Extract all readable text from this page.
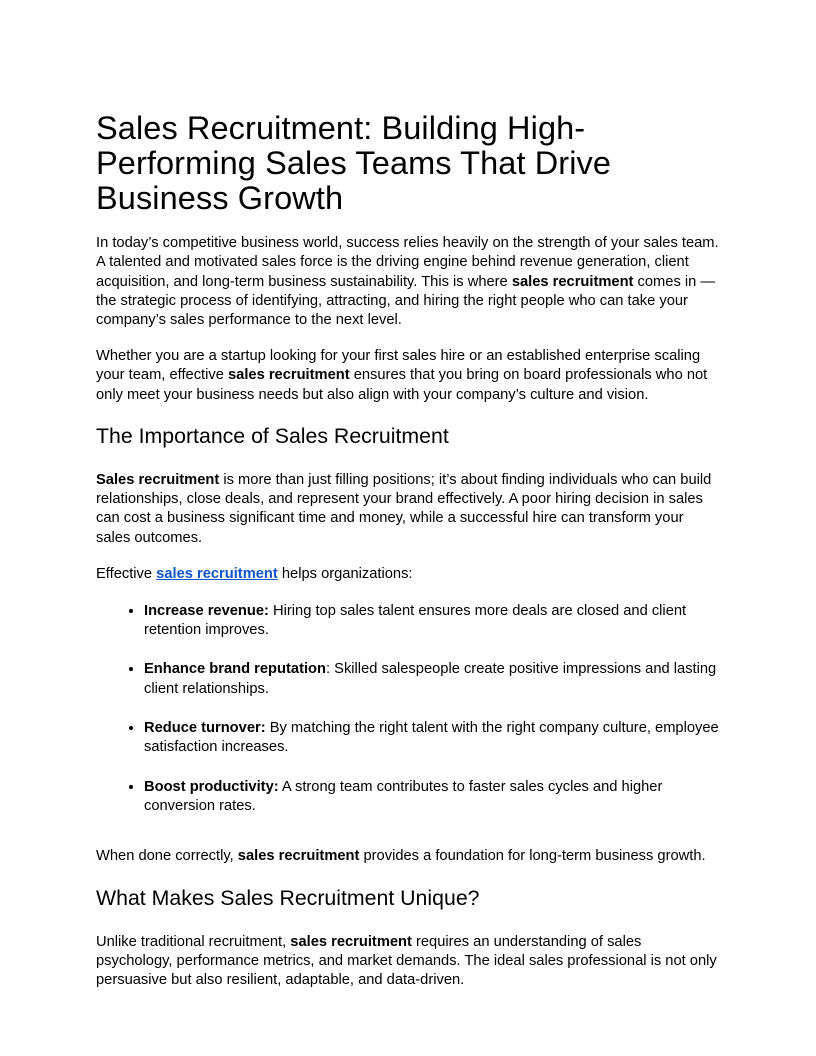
Sales Recruitment: Building High-Performing Sales Teams That Drive Business Growth

In today’s competitive business world, success relies heavily on the strength of your sales team. A talented and motivated sales force is the driving engine behind revenue generation, client acquisition, and long-term business sustainability. This is where sales recruitment comes in — the strategic process of identifying, attracting, and hiring the right people who can take your company’s sales performance to the next level.

Whether you are a startup looking for your first sales hire or an established enterprise scaling your team, effective sales recruitment ensures that you bring on board professionals who not only meet your business needs but also align with your company’s culture and vision.

The Importance of Sales Recruitment

Sales recruitment is more than just filling positions; it’s about finding individuals who can build relationships, close deals, and represent your brand effectively. A poor hiring decision in sales can cost a business significant time and money, while a successful hire can transform your sales outcomes.

Effective sales recruitment helps organizations:

• Increase revenue: Hiring top sales talent ensures more deals are closed and client retention improves.
• Enhance brand reputation: Skilled salespeople create positive impressions and lasting client relationships.
• Reduce turnover: By matching the right talent with the right company culture, employee satisfaction increases.
• Boost productivity: A strong team contributes to faster sales cycles and higher conversion rates.

When done correctly, sales recruitment provides a foundation for long-term business growth.

What Makes Sales Recruitment Unique?

Unlike traditional recruitment, sales recruitment requires an understanding of sales psychology, performance metrics, and market demands. The ideal sales professional is not only persuasive but also resilient, adaptable, and data-driven.
